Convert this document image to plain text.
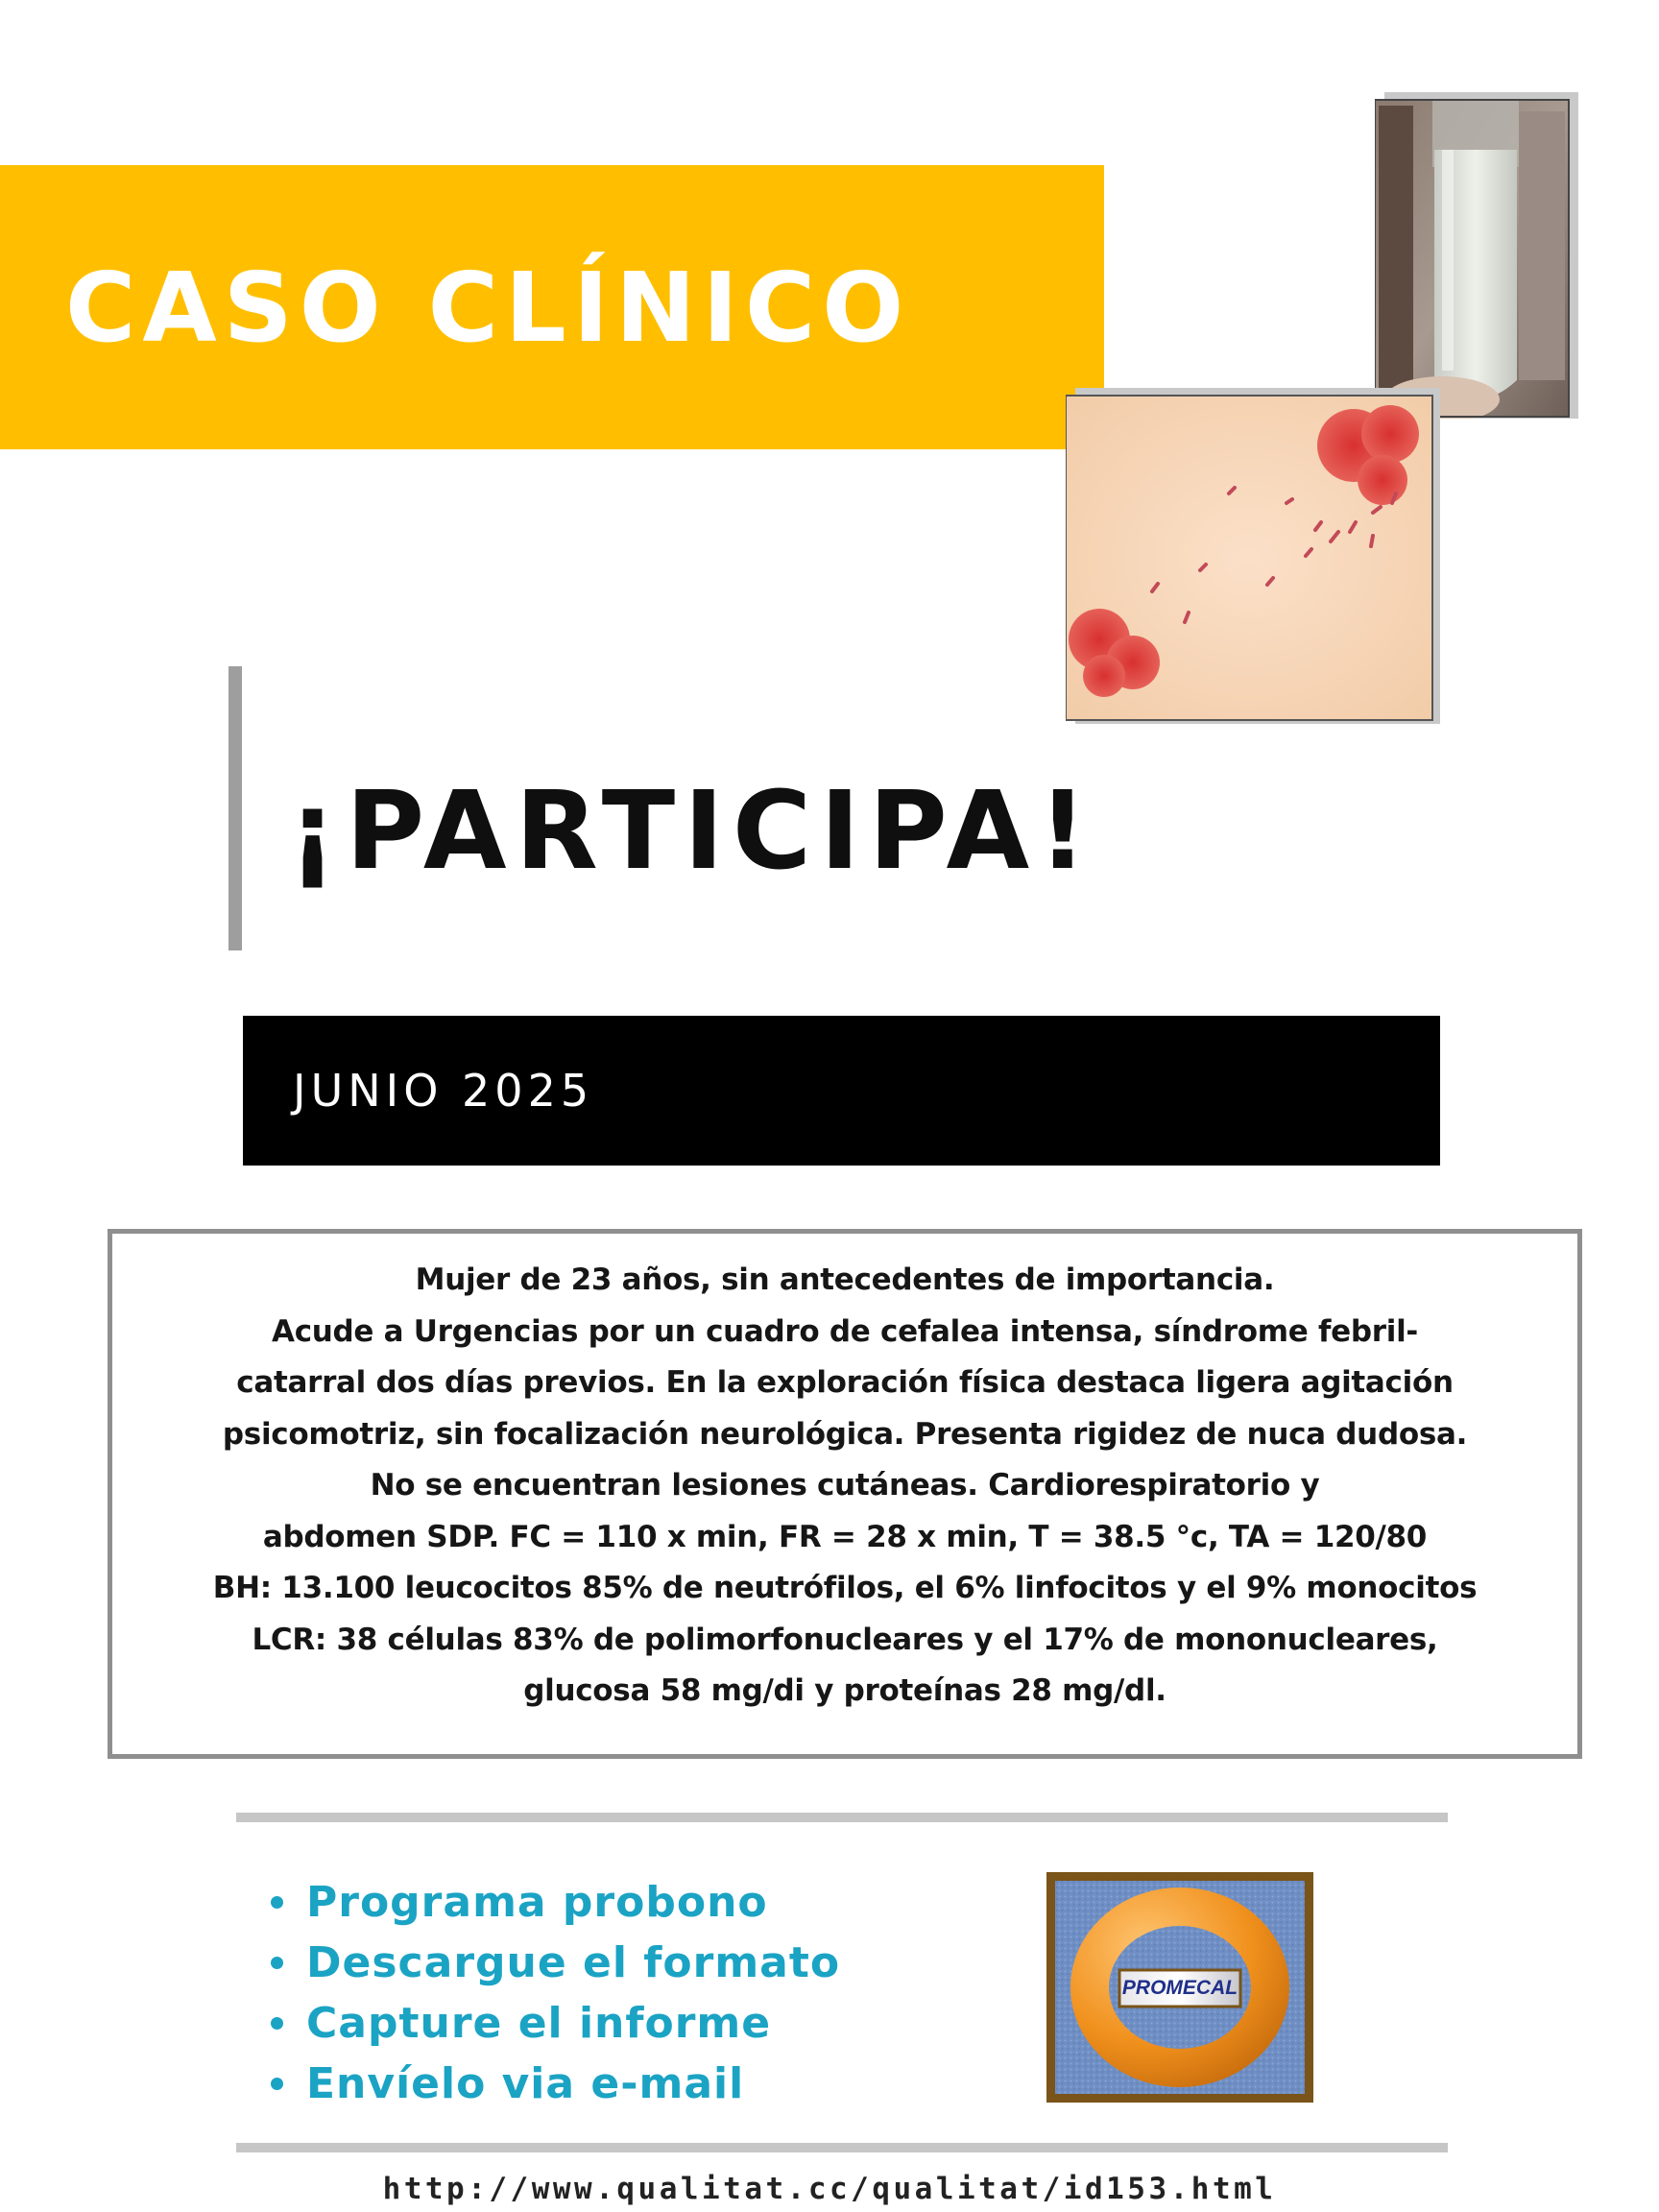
CASO CLÍNICO
¡PARTICIPA!
JUNIO 2025
Mujer de 23 años, sin antecedentes de importancia.
Acude a Urgencias por un cuadro de cefalea intensa, síndrome febril-
catarral dos días previos. En la exploración física destaca ligera agitación
psicomotriz, sin focalización neurológica. Presenta rigidez de nuca dudosa.
No se encuentran lesiones cutáneas. Cardiorespiratorio y
abdomen SDP. FC = 110 x min, FR = 28 x min, T = 38.5 °c, TA = 120/80
BH: 13.100 leucocitos 85% de neutrófilos, el 6% linfocitos y el 9% monocitos
LCR: 38 células 83% de polimorfonucleares y el 17% de mononucleares,
glucosa 58 mg/di y proteínas 28 mg/dl.
Programa probono
Descargue el formato
Capture el informe
Envíelo via e-mail
PROMECAL
http://www.qualitat.cc/qualitat/id153.html
